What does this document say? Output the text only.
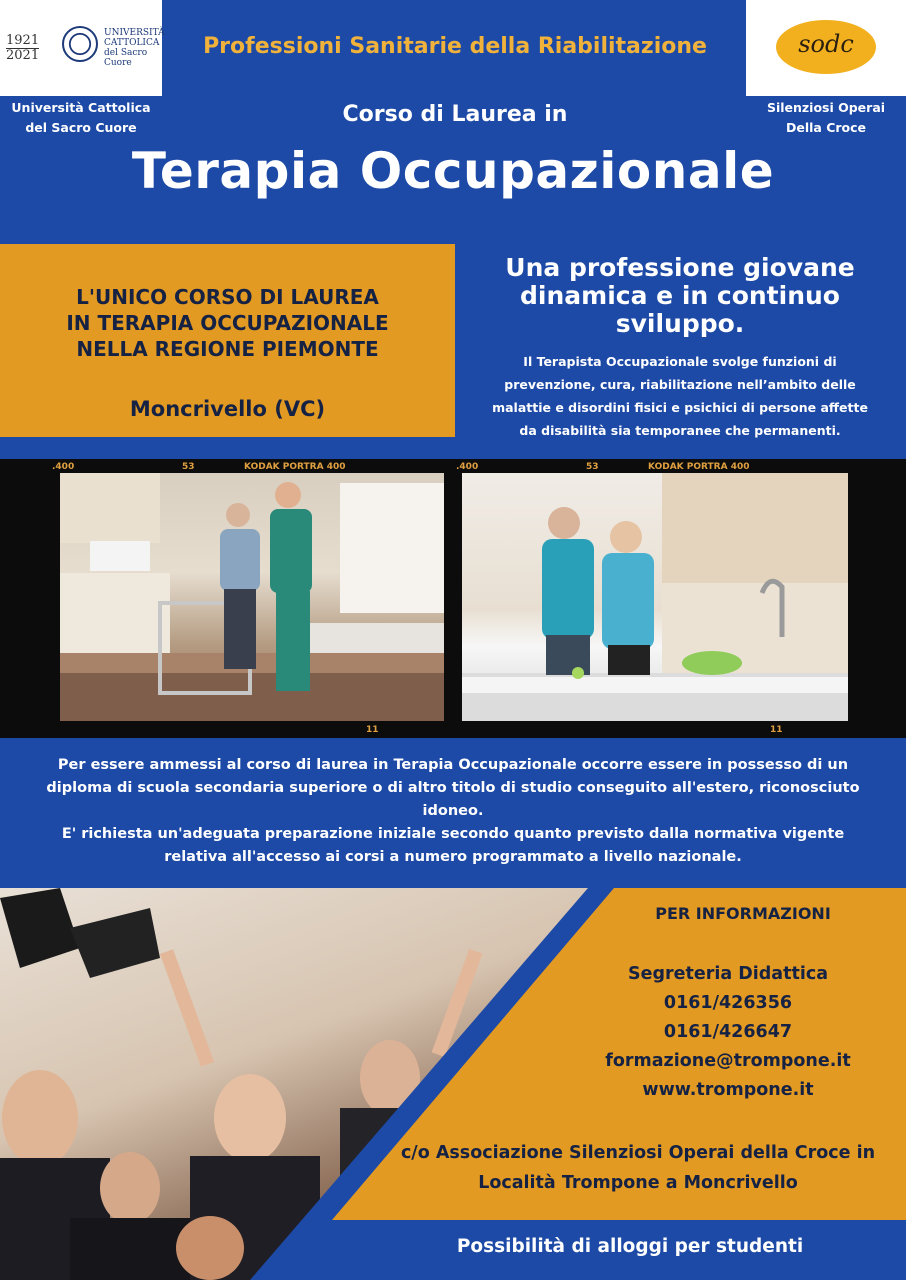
1921
2021
UNIVERSITÀ
CATTOLICA
del Sacro Cuore
sodc
Professioni Sanitarie della Riabilitazione
Università Cattolica
del Sacro Cuore
Silenziosi Operai
Della Croce
Corso di Laurea in
Terapia Occupazionale
L'UNICO CORSO DI LAUREA
IN TERAPIA OCCUPAZIONALE
NELLA REGIONE PIEMONTE
Moncrivello (VC)
Una professione giovane
dinamica e in continuo
sviluppo.
Il Terapista Occupazionale svolge funzioni di
prevenzione, cura, riabilitazione nell’ambito delle
malattie e disordini fisici e psichici di persone affette
da disabilità sia temporanee che permanenti.
.400	53	KODAK PORTRA 400	.400	53	KODAK PORTRA 400
11	11
Per essere ammessi al corso di laurea in Terapia Occupazionale occorre essere in possesso di un
diploma di scuola secondaria superiore o di altro titolo di studio conseguito all'estero, riconosciuto
idoneo.
E' richiesta un'adeguata preparazione iniziale secondo quanto previsto dalla normativa vigente
relativa all'accesso ai corsi a numero programmato a livello nazionale.
PER INFORMAZIONI
Segreteria Didattica
0161/426356
0161/426647
formazione@trompone.it
www.trompone.it
c/o Associazione Silenziosi Operai della Croce in
Località Trompone a Moncrivello
Possibilità di alloggi per studenti
